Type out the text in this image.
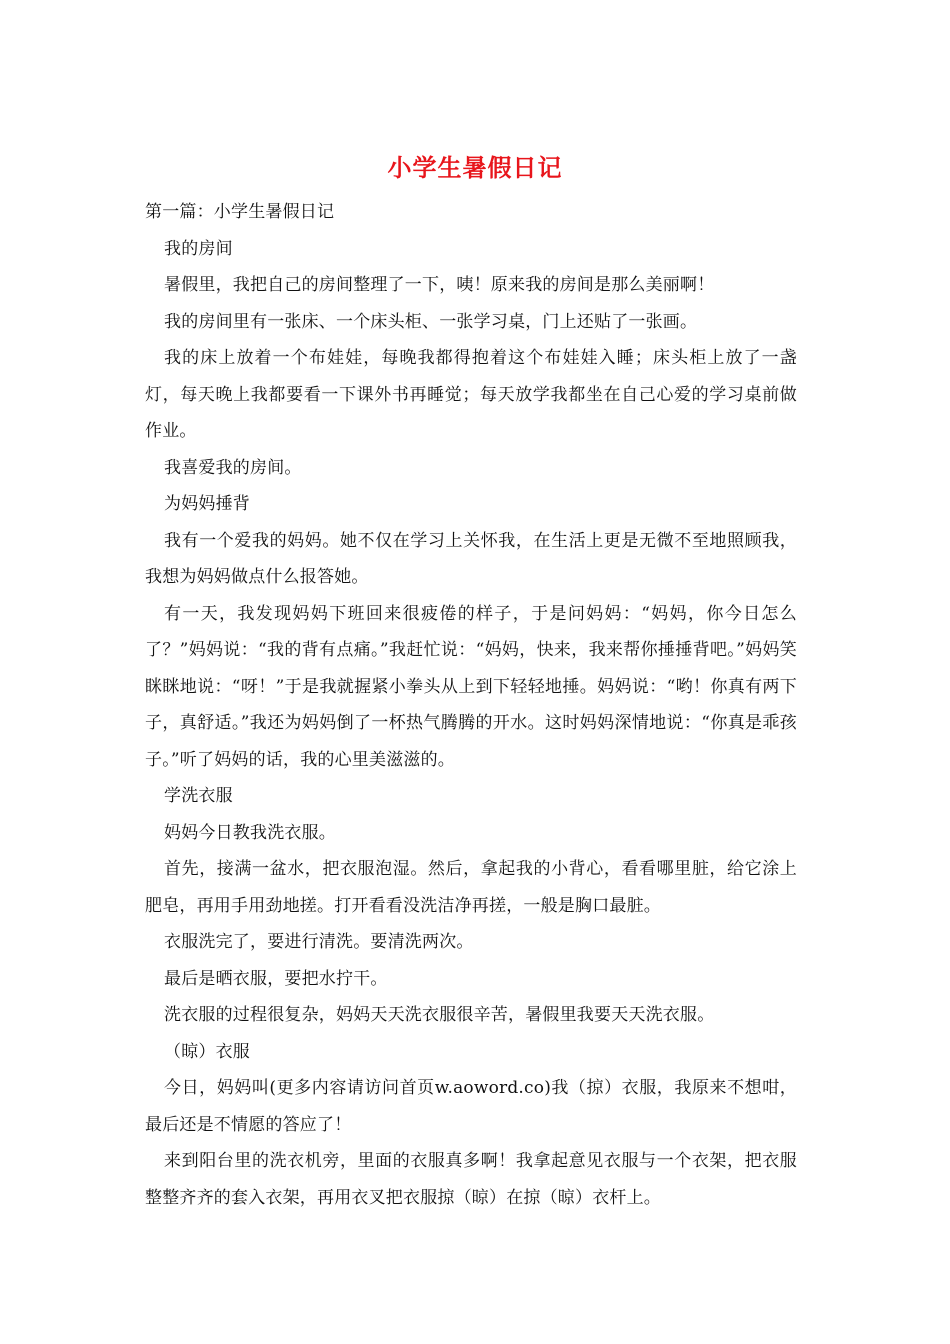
小学生暑假日记

第一篇：小学生暑假日记

我的房间

暑假里，我把自己的房间整理了一下，咦！原来我的房间是那么美丽啊！

我的房间里有一张床、一个床头柜、一张学习桌，门上还贴了一张画。

我的床上放着一个布娃娃，每晚我都得抱着这个布娃娃入睡；床头柜上放了一盏灯，每天晚上我都要看一下课外书再睡觉；每天放学我都坐在自己心爱的学习桌前做作业。

我喜爱我的房间。

为妈妈捶背

我有一个爱我的妈妈。她不仅在学习上关怀我，在生活上更是无微不至地照顾我，我想为妈妈做点什么报答她。

有一天，我发现妈妈下班回来很疲倦的样子，于是问妈妈：“妈妈，你今日怎么了？”妈妈说：“我的背有点痛。”我赶忙说：“妈妈，快来，我来帮你捶捶背吧。”妈妈笑眯眯地说：“呀！”于是我就握紧小拳头从上到下轻轻地捶。妈妈说：“哟！你真有两下子，真舒适。”我还为妈妈倒了一杯热气腾腾的开水。这时妈妈深情地说：“你真是乖孩子。”听了妈妈的话，我的心里美滋滋的。

学洗衣服

妈妈今日教我洗衣服。

首先，接满一盆水，把衣服泡湿。然后，拿起我的小背心，看看哪里脏，给它涂上肥皂，再用手用劲地搓。打开看看没洗洁净再搓，一般是胸口最脏。

衣服洗完了，要进行清洗。要清洗两次。

最后是晒衣服，要把水拧干。

洗衣服的过程很复杂，妈妈天天洗衣服很辛苦，暑假里我要天天洗衣服。

（晾）衣服

今日，妈妈叫(更多内容请访问首页w.aoword.co)我（掠）衣服，我原来不想咁，最后还是不情愿的答应了！

来到阳台里的洗衣机旁，里面的衣服真多啊！我拿起意见衣服与一个衣架，把衣服整整齐齐的套入衣架，再用衣叉把衣服掠（晾）在掠（晾）衣杆上。
